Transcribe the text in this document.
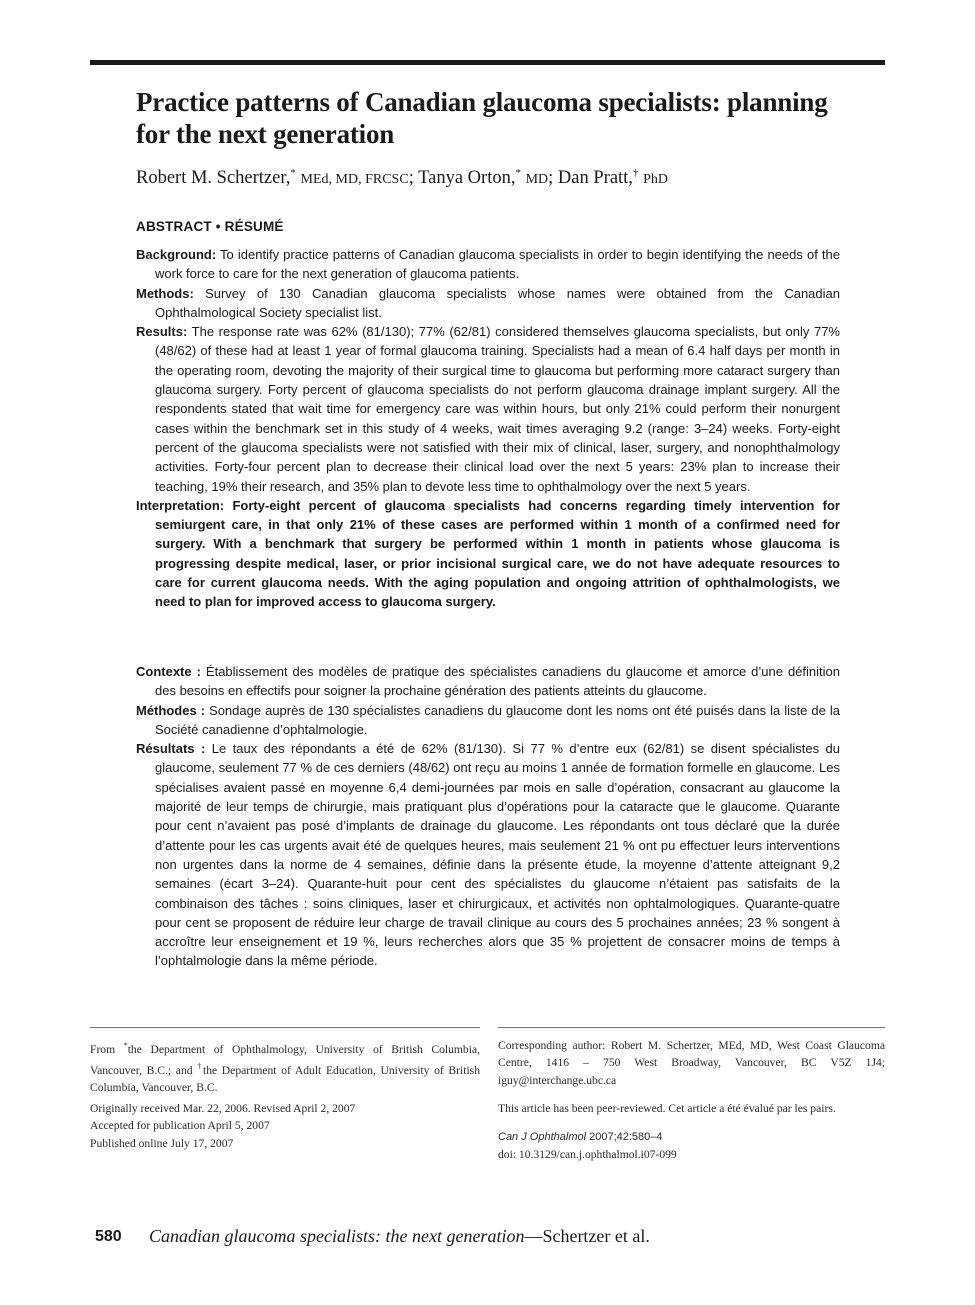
Practice patterns of Canadian glaucoma specialists: planning for the next generation

Robert M. Schertzer,* MEd, MD, FRCSC; Tanya Orton,* MD; Dan Pratt,† PhD

ABSTRACT • RÉSUMÉ

Background: To identify practice patterns of Canadian glaucoma specialists in order to begin identifying the needs of the work force to care for the next generation of glaucoma patients.

Methods: Survey of 130 Canadian glaucoma specialists whose names were obtained from the Canadian Ophthalmological Society specialist list.

Results: The response rate was 62% (81/130); 77% (62/81) considered themselves glaucoma specialists, but only 77% (48/62) of these had at least 1 year of formal glaucoma training. Specialists had a mean of 6.4 half days per month in the operating room, devoting the majority of their surgical time to glaucoma but performing more cataract surgery than glaucoma surgery. Forty percent of glaucoma specialists do not perform glaucoma drainage implant surgery. All the respondents stated that wait time for emergency care was within hours, but only 21% could perform their nonurgent cases within the benchmark set in this study of 4 weeks, wait times averaging 9.2 (range: 3–24) weeks. Forty-eight percent of the glaucoma specialists were not satisfied with their mix of clinical, laser, surgery, and nonophthalmology activities. Forty-four percent plan to decrease their clinical load over the next 5 years: 23% plan to increase their teaching, 19% their research, and 35% plan to devote less time to ophthalmology over the next 5 years.

Interpretation: Forty-eight percent of glaucoma specialists had concerns regarding timely intervention for semiurgent care, in that only 21% of these cases are performed within 1 month of a confirmed need for surgery. With a benchmark that surgery be performed within 1 month in patients whose glaucoma is progressing despite medical, laser, or prior incisional surgical care, we do not have adequate resources to care for current glaucoma needs. With the aging population and ongoing attrition of ophthalmologists, we need to plan for improved access to glaucoma surgery.

Contexte : Établissement des modèles de pratique des spécialistes canadiens du glaucome et amorce d’une définition des besoins en effectifs pour soigner la prochaine génération des patients atteints du glaucome.

Méthodes : Sondage auprès de 130 spécialistes canadiens du glaucome dont les noms ont été puisés dans la liste de la Société canadienne d’ophtalmologie.

Résultats : Le taux des répondants a été de 62% (81/130). Si 77 % d’entre eux (62/81) se disent spécialistes du glaucome, seulement 77 % de ces derniers (48/62) ont reçu au moins 1 année de formation formelle en glaucome. Les spécialises avaient passé en moyenne 6,4 demi-journées par mois en salle d’opération, consacrant au glaucome la majorité de leur temps de chirurgie, mais pratiquant plus d’opérations pour la cataracte que le glaucome. Quarante pour cent n’avaient pas posé d’implants de drainage du glaucome. Les répondants ont tous déclaré que la durée d’attente pour les cas urgents avait été de quelques heures, mais seulement 21 % ont pu effectuer leurs interventions non urgentes dans la norme de 4 semaines, définie dans la présente étude, la moyenne d’attente atteignant 9,2 semaines (écart 3–24). Quarante-huit pour cent des spécialistes du glaucome n’étaient pas satisfaits de la combinaison des tâches : soins cliniques, laser et chirurgicaux, et activités non ophtalmologiques. Quarante-quatre pour cent se proposent de réduire leur charge de travail clinique au cours des 5 prochaines années; 23 % songent à accroître leur enseignement et 19 %, leurs recherches alors que 35 % projettent de consacrer moins de temps à l’ophtalmologie dans la même période.

From *the Department of Ophthalmology, University of British Columbia, Vancouver, B.C.; and †the Department of Adult Education, University of British Columbia, Vancouver, B.C.

Originally received Mar. 22, 2006. Revised April 2, 2007

Accepted for publication April 5, 2007

Published online July 17, 2007

Corresponding author: Robert M. Schertzer, MEd, MD, West Coast Glaucoma Centre, 1416 – 750 West Broadway, Vancouver, BC V5Z 1J4; iguy@interchange.ubc.ca

This article has been peer-reviewed. Cet article a été évalué par les pairs.

Can J Ophthalmol 2007;42:580–4

doi: 10.3129/can.j.ophthalmol.i07-099

580 Canadian glaucoma specialists: the next generation—Schertzer et al.
